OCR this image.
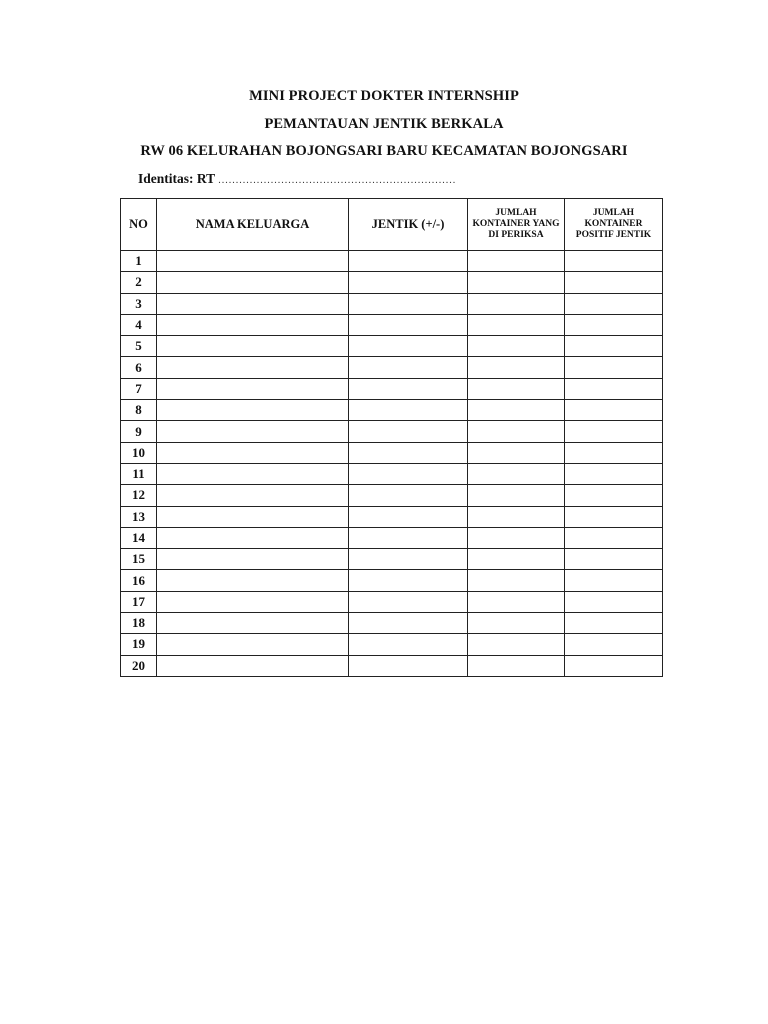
MINI PROJECT DOKTER INTERNSHIP
PEMANTAUAN JENTIK BERKALA
RW 06 KELURAHAN BOJONGSARI BARU KECAMATAN BOJONGSARI
Identitas: RT ....................................................................
NO	NAMA KELUARGA	JENTIK (+/-)	JUMLAH KONTAINER YANG DI PERIKSA	JUMLAH KONTAINER POSITIF JENTIK
1				
2				
3				
4				
5				
6				
7				
8				
9				
10				
11				
12				
13				
14				
15				
16				
17				
18				
19				
20				
